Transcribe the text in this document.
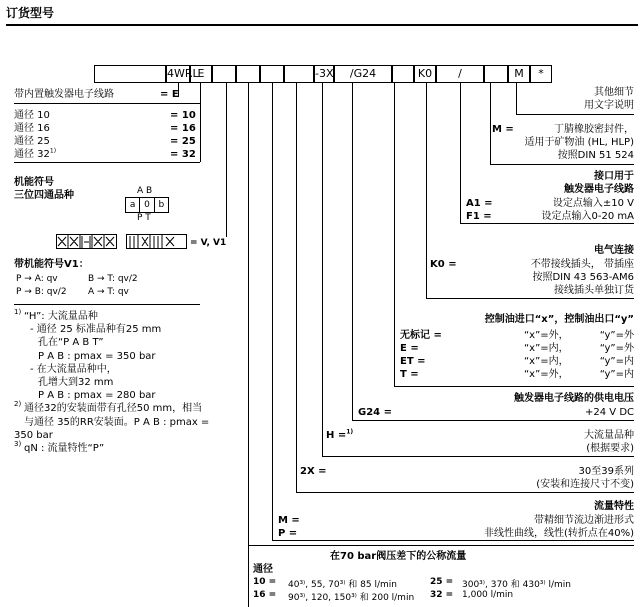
订货型号
4WRL
E	-3X	/G24	K0	/	M	*
带内置触发器电子线路	= E
通径 10	= 10
通径 16	= 16
通径 25	= 25
通径 $32^{1)}$	= 32
机能符号
三位四通品种	A B
a 0 b
P T
= V, V1
带机能符号V1：
P → A: qv	B → T: qv/2
P → B: qv/2 A → T: qv
1) “H”: 大流量品种
- 通径 25 标准品种有25 mm
孔在“P A B T”
P A B : pmax = 350 bar
- 在大流量品种中，
孔增大到32 mm
P A B : pmax = 280 bar
2) 通径32的安装面带有孔径50 mm，相当
与通径 35的RR安装面。P A B : pmax =
350 bar
3) qN : 流量特性“P”
其他细节
用文字说明
M =	丁腈橡胶密封件，
适用于矿物油 (HL, HLP)
按照DIN 51 524
接口用于
触发器电子线路
A1 =	设定点输入±10 V
F1 =	设定点输入0-20 mA
电气连接
K0 =	不带接线插头， 带插座
按照DIN 43 563-AM6
接线插头单独订货
控制油进口“x”，控制油出口“y”
无标记 =	“x”=外，	“y”=外
E =	“x”=内，	“y”=外
ET =	“x”=内，	“y”=内
T =	“x”=外，	“y”=内
触发器电子线路的供电电压
G24 =	+24 V DC
H =$^{1)}$	大流量品种
(根据要求)
2X =	30至39系列
(安装和连接尺寸不变)
流量特性
M =	带精细节流边渐进形式
P =	非线性曲线，线性(转折点在40%)
在70 bar阀压差下的公称流量
通径
10 = 40³⁾, 55, 70³⁾ 和 85 l/min	25 = 300³⁾, 370 和 430³⁾ l/min
16 = 90³⁾, 120, 150³⁾ 和 200 l/min 32 = 1,000 l/min
